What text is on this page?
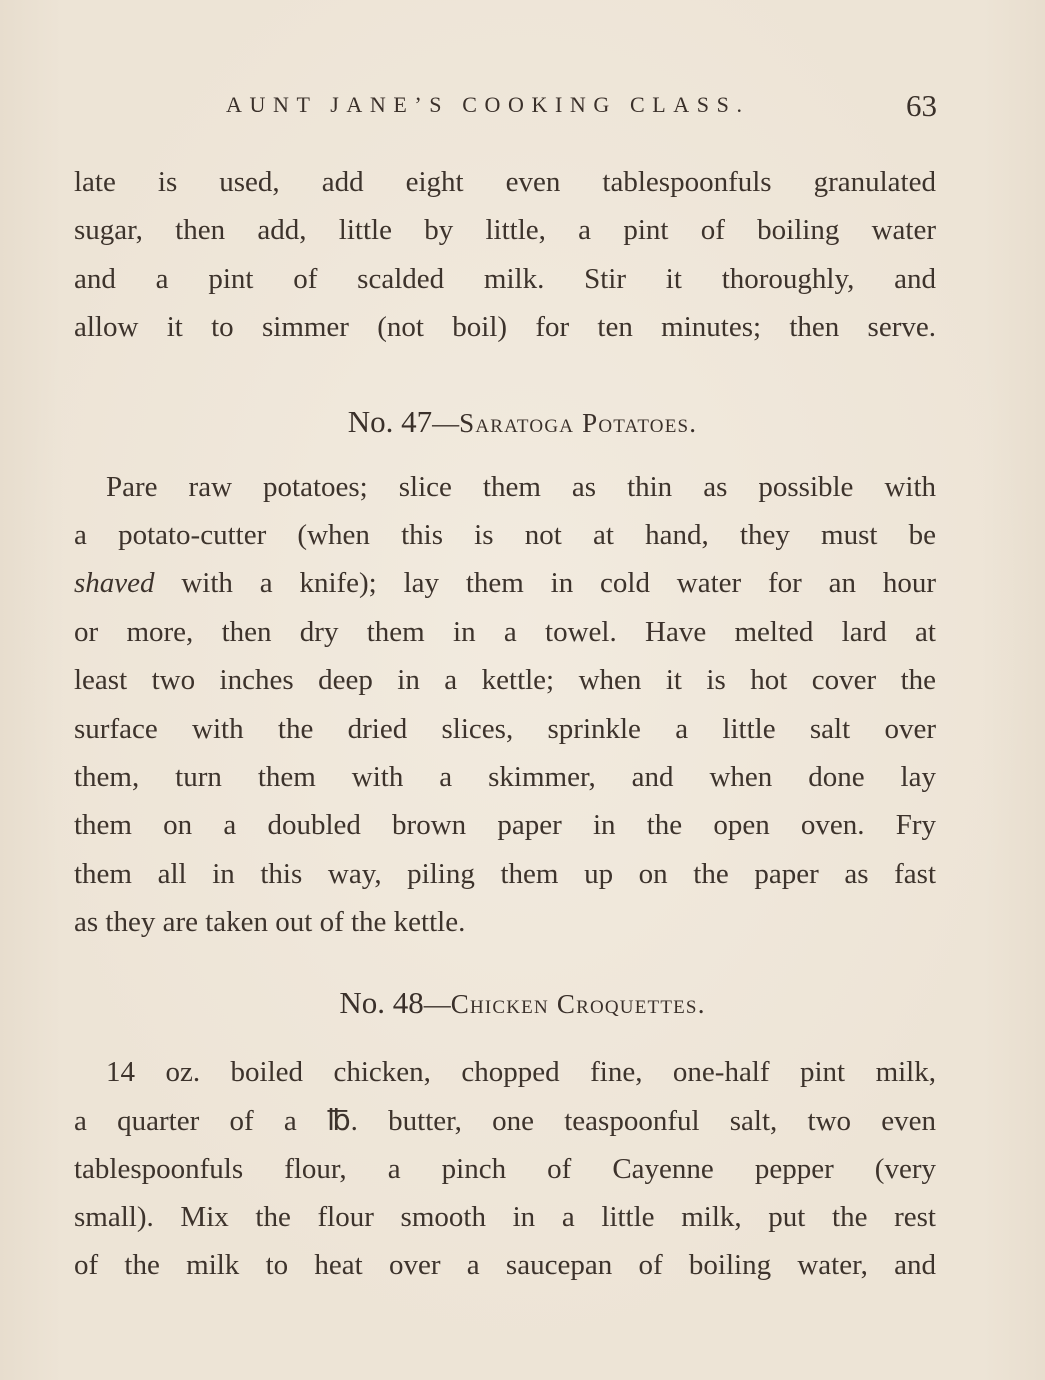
AUNT JANE’S COOKING CLASS.	63
late is used, add eight even tablespoonfuls granulated
sugar, then add, little by little, a pint of boiling water
and a pint of scalded milk. Stir it thoroughly, and
allow it to simmer (not boil) for ten minutes; then serve.
No. 47—Saratoga Potatoes.
Pare raw potatoes; slice them as thin as possible with
a potato-cutter (when this is not at hand, they must be
shaved with a knife); lay them in cold water for an hour
or more, then dry them in a towel. Have melted lard at
least two inches deep in a kettle; when it is hot cover the
surface with the dried slices, sprinkle a little salt over
them, turn them with a skimmer, and when done lay
them on a doubled brown paper in the open oven. Fry
them all in this way, piling them up on the paper as fast
as they are taken out of the kettle.
No. 48—Chicken Croquettes.
14 oz. boiled chicken, chopped fine, one-half pint milk,
a quarter of a ℔. butter, one teaspoonful salt, two even
tablespoonfuls flour, a pinch of Cayenne pepper (very
small). Mix the flour smooth in a little milk, put the rest
of the milk to heat over a saucepan of boiling water, and
